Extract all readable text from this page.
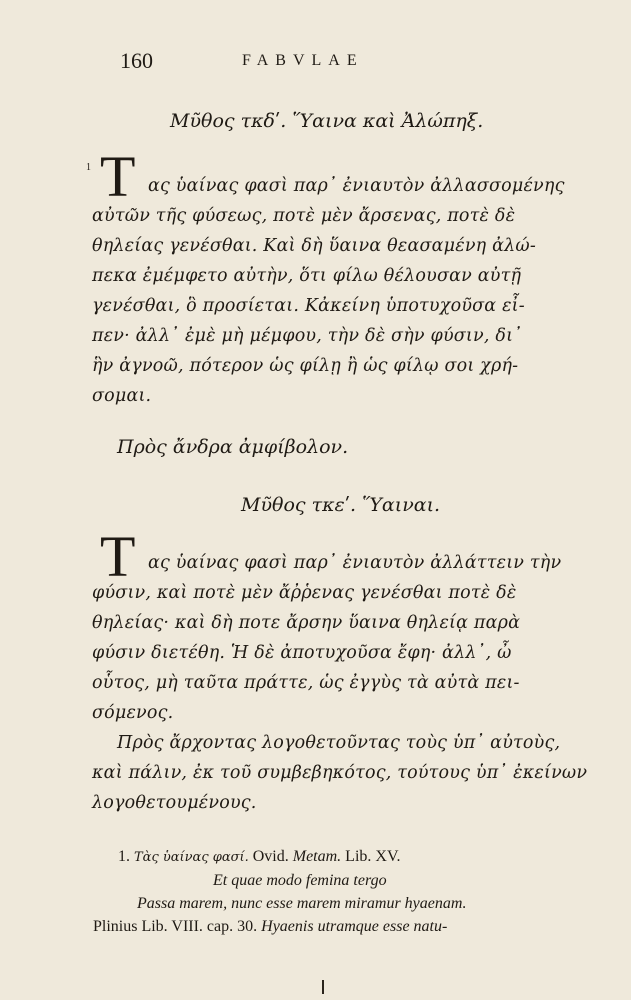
160	FABVLAE
Μῦθος τκδʹ. Ὕαινα καὶ Ἀλώπηξ.
1 T ας ὑαίνας φασὶ παρ᾽ ἐνιαυτὸν ἀλλασσομένης
αὐτῶν τῆς φύσεως, ποτὲ μὲν ἄρσενας, ποτὲ δὲ
θηλείας γενέσθαι. Καὶ δὴ ὕαινα θεασαμένη ἀλώ-
πεκα ἐμέμφετο αὐτὴν, ὅτι φίλω θέλουσαν αὐτῇ
γενέσθαι, ὃ προσίεται. Κἀκείνη ὑποτυχοῦσα εἶ-
πεν· ἀλλ᾽ ἐμὲ μὴ μέμφου, τὴν δὲ σὴν φύσιν, δι᾽
ἣν ἀγνοῶ, πότερον ὡς φίλῃ ἢ ὡς φίλῳ σοι χρή-
σομαι.
Πρὸς ἄνδρα ἀμφίβολον.
Μῦθος τκεʹ. Ὕαιναι.
T ας ὑαίνας φασὶ παρ᾽ ἐνιαυτὸν ἀλλάττειν τὴν
φύσιν, καὶ ποτὲ μὲν ἄῤῥενας γενέσθαι ποτὲ δὲ
θηλείας· καὶ δὴ ποτε ἄρσην ὕαινα θηλείᾳ παρὰ
φύσιν διετέθη. Ἡ δὲ ἀποτυχοῦσα ἔφη· ἀλλ᾽, ὦ
οὗτος, μὴ ταῦτα πράττε, ὡς ἐγγὺς τὰ αὐτὰ πει-
σόμενος.
Πρὸς ἄρχοντας λογοθετοῦντας τοὺς ὑπ᾽ αὐτοὺς,
καὶ πάλιν, ἐκ τοῦ συμβεβηκότος, τούτους ὑπ᾽ ἐκείνων
λογοθετουμένους.
1. Τὰς ὑαίνας φασί. Ovid. Metam. Lib. XV.
Et quae modo femina tergo
Passa marem, nunc esse marem miramur hyaenam.
Plinius Lib. VIII. cap. 30. Hyaenis utramque esse natu-
